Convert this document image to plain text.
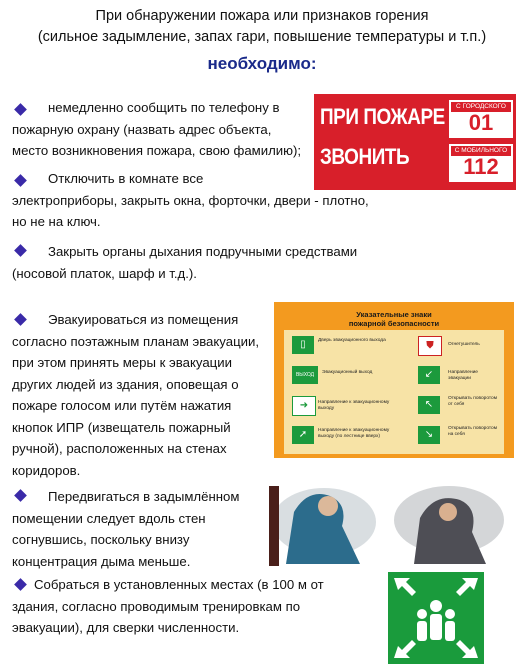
При обнаружении пожара или признаков горения
(сильное задымление, запах гари, повышение температуры и т.п.)
необходимо:
немедленно сообщить по телефону в
пожарную охрану (назвать адрес объекта,
место возникновения пожара, свою фамилию);
Отключить в комнате все
электроприборы, закрыть окна, форточки, двери - плотно,
но не на ключ.
Закрыть органы дыхания подручными средствами
(носовой платок, шарф и т.д.).
Эвакуироваться из помещения
согласно поэтажным планам эвакуации,
при этом принять меры к эвакуации
других людей из здания, оповещая о
пожаре голосом или путём нажатия
кнопок ИПР (извещатель пожарный
ручной), расположенных на стенах
коридоров.
Передвигаться в задымлённом
помещении следует вдоль стен
согнувшись, поскольку внизу
концентрация дыма меньше.
Собраться в установленных местах (в 100 м от
здания, согласно проводимым тренировкам по
эвакуации), для сверки численности.
ПРИ ПОЖАРЕ
ЗВОНИТЬ
С ГОРОДСКОГО
01
С МОБИЛЬНОГО
112
Указательные знаки
пожарной безопасности
▯	Дверь эвакуационного выхода
ВЫХОД	Эвакуационный выход
➜	Направление к эвакуационному выходу
➚	Направление к эвакуационному выходу (по лестнице вверх)
⛊	Огнетушитель
↙	Направление эвакуации
↖
Открывать поворотом от себя
↘
Открывать поворотом на себя
